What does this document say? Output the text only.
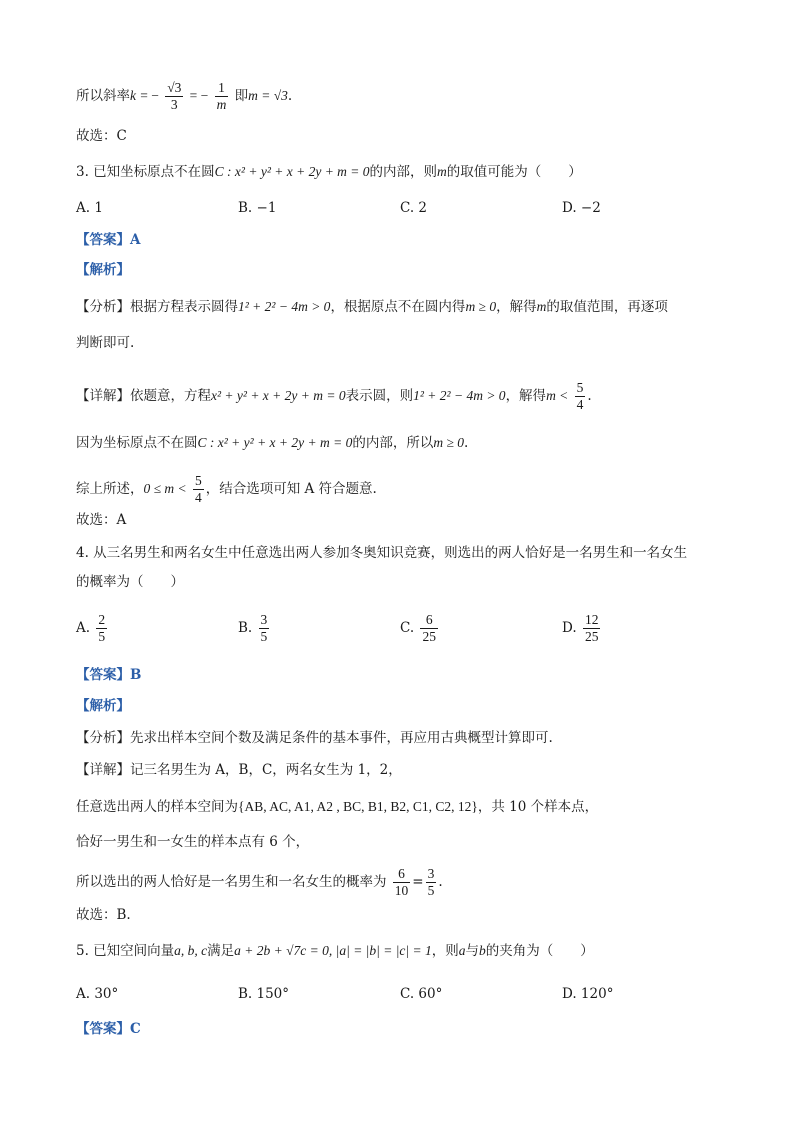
所以斜率k = − $\frac{√3}{3}$ = − $\frac{1}{m}$ 即m = √3.
故选：C
3. 已知坐标原点不在圆C : x² + y² + x + 2y + m = 0的内部，则m的取值可能为（　　）
A. 1	B. −1	C. 2	D. −2
【答案】A
【解析】
【分析】根据方程表示圆得1² + 2² − 4m > 0，根据原点不在圆内得m ≥ 0，解得m的取值范围，再逐项
判断即可.
【详解】依题意，方程x² + y² + x + 2y + m = 0表示圆，则1² + 2² − 4m > 0，解得$m < \frac{5}{4}$ .
因为坐标原点不在圆C : x² + y² + x + 2y + m = 0的内部，所以m ≥ 0.
综上所述，$0 \le m < \frac{5}{4}$ ，结合选项可知 A 符合题意.
故选：A
4. 从三名男生和两名女生中任意选出两人参加冬奥知识竞赛，则选出的两人恰好是一名男生和一名女生
的概率为（　　）
A. $\frac{2}{5}$	B. $\frac{3}{5}$	C. $\frac{6}{25}$	D. $\frac{12}{25}$
【答案】B
【解析】
【分析】先求出样本空间个数及满足条件的基本事件，再应用古典概型计算即可.
【详解】记三名男生为 A，B，C，两名女生为 1，2，
任意选出两人的样本空间为{AB, AC, A1, A2 , BC, B1, B2, C1, C2, 12}，共 10 个样本点，
恰好一男生和一女生的样本点有 6 个，
所以选出的两人恰好是一名男生和一名女生的概率为 $\frac{6}{10} = \frac{3}{5}$ .
故选：B.
5. 已知空间向量a, b, c满足a + 2b + √7c = 0, |a| = |b| = |c| = 1，则a与b的夹角为（　　）
A. 30°	B. 150°	C. 60°	D. 120°
【答案】C
